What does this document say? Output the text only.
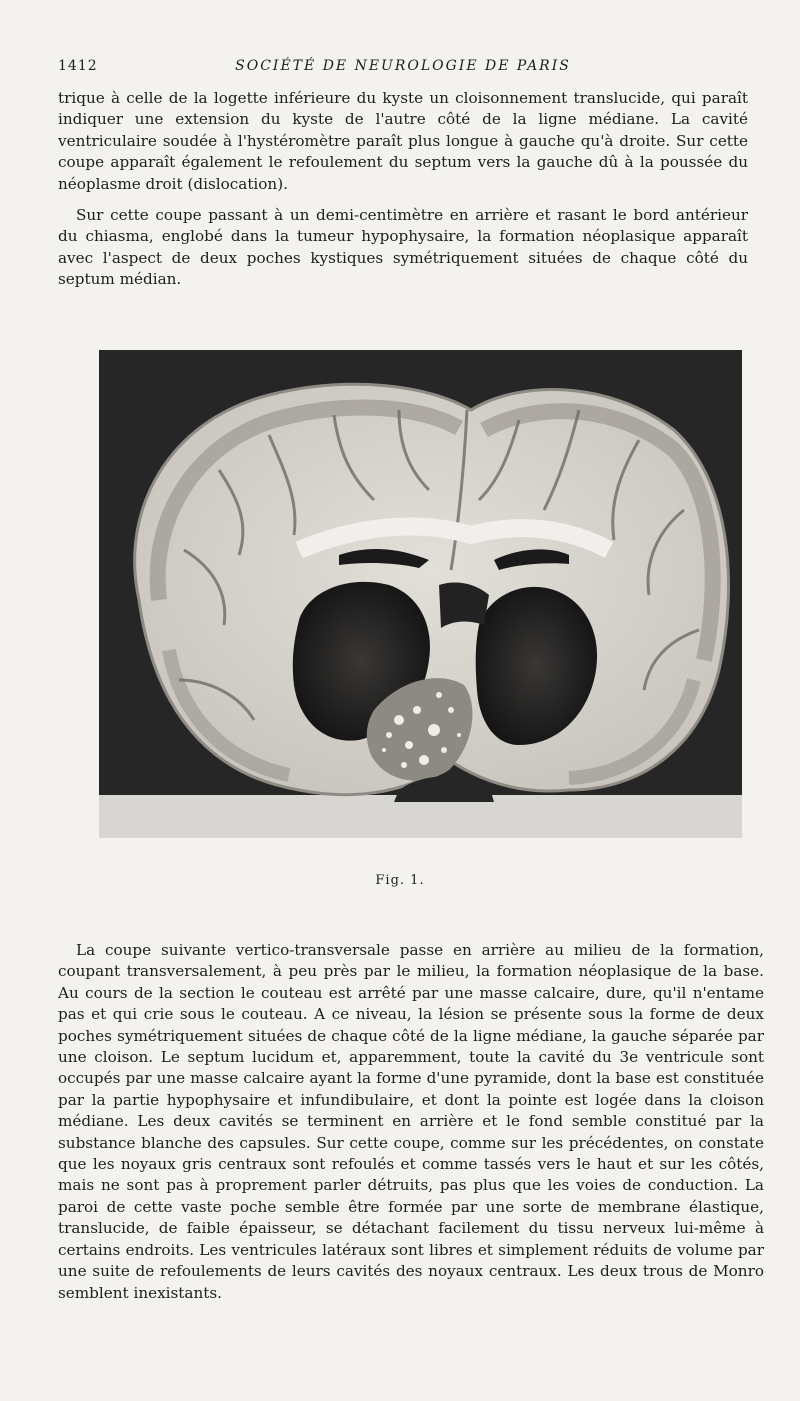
1412	SOCIÉTÉ DE NEUROLOGIE DE PARIS

trique à celle de la logette inférieure du kyste un cloisonnement translucide, qui paraît indiquer une extension du kyste de l'autre côté de la ligne médiane. La cavité ventriculaire soudée à l'hystéromètre paraît plus longue à gauche qu'à droite. Sur cette coupe apparaît également le refoulement du septum vers la gauche dû à la poussée du néoplasme droit (dislocation).

Sur cette coupe passant à un demi-centimètre en arrière et rasant le bord antérieur du chiasma, englobé dans la tumeur hypophysaire, la formation néoplasique apparaît avec l'aspect de deux poches kystiques symétriquement situées de chaque côté du septum médian.

Fig. 1.

La coupe suivante vertico-transversale passe en arrière au milieu de la formation, coupant transversalement, à peu près par le milieu, la formation néoplasique de la base. Au cours de la section le couteau est arrêté par une masse calcaire, dure, qu'il n'entame pas et qui crie sous le couteau. A ce niveau, la lésion se présente sous la forme de deux poches symétriquement situées de chaque côté de la ligne médiane, la gauche séparée par une cloison. Le septum lucidum et, apparemment, toute la cavité du 3e ventricule sont occupés par une masse calcaire ayant la forme d'une pyramide, dont la base est constituée par la partie hypophysaire et infundibulaire, et dont la pointe est logée dans la cloison médiane. Les deux cavités se terminent en arrière et le fond semble constitué par la substance blanche des capsules. Sur cette coupe, comme sur les précédentes, on constate que les noyaux gris centraux sont refoulés et comme tassés vers le haut et sur les côtés, mais ne sont pas à proprement parler détruits, pas plus que les voies de conduction. La paroi de cette vaste poche semble être formée par une sorte de membrane élastique, translucide, de faible épaisseur, se détachant facilement du tissu nerveux lui-même à certains endroits. Les ventricules latéraux sont libres et simplement réduits de volume par une suite de refoulements de leurs cavités des noyaux centraux. Les deux trous de Monro semblent inexistants.
